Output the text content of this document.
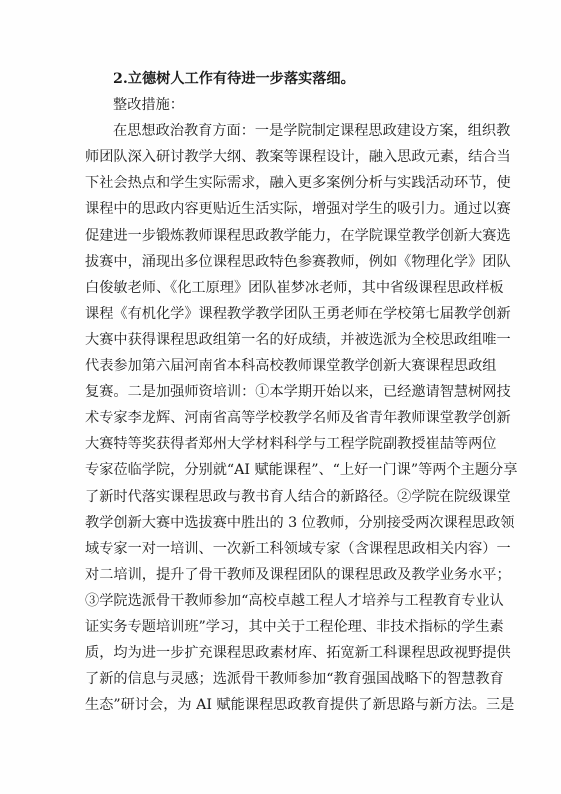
2.立德树人工作有待进一步落实落细。
整改措施：
在思想政治教育方面：一是学院制定课程思政建设方案，组织教
师团队深入研讨教学大纲、教案等课程设计，融入思政元素，结合当
下社会热点和学生实际需求，融入更多案例分析与实践活动环节，使
课程中的思政内容更贴近生活实际，增强对学生的吸引力。通过以赛
促建进一步锻炼教师课程思政教学能力，在学院课堂教学创新大赛选
拔赛中，涌现出多位课程思政特色参赛教师，例如《物理化学》团队
白俊敏老师、《化工原理》团队崔梦冰老师，其中省级课程思政样板
课程《有机化学》课程教学教学团队王勇老师在学校第七届教学创新
大赛中获得课程思政组第一名的好成绩，并被选派为全校思政组唯一
代表参加第六届河南省本科高校教师课堂教学创新大赛课程思政组
复赛。二是加强师资培训：①本学期开始以来，已经邀请智慧树网技
术专家李龙辉、河南省高等学校教学名师及省青年教师课堂教学创新
大赛特等奖获得者郑州大学材料科学与工程学院副教授崔喆等两位
专家莅临学院，分别就“AI 赋能课程”、“上好一门课”等两个主题分享
了新时代落实课程思政与教书育人结合的新路径。②学院在院级课堂
教学创新大赛中选拔赛中胜出的 3 位教师，分别接受两次课程思政领
域专家一对一培训、一次新工科领域专家（含课程思政相关内容）一
对二培训，提升了骨干教师及课程团队的课程思政及教学业务水平；
③学院选派骨干教师参加“高校卓越工程人才培养与工程教育专业认
证实务专题培训班”学习，其中关于工程伦理、非技术指标的学生素
质，均为进一步扩充课程思政素材库、拓宽新工科课程思政视野提供
了新的信息与灵感；选派骨干教师参加“教育强国战略下的智慧教育
生态”研讨会，为 AI 赋能课程思政教育提供了新思路与新方法。三是
